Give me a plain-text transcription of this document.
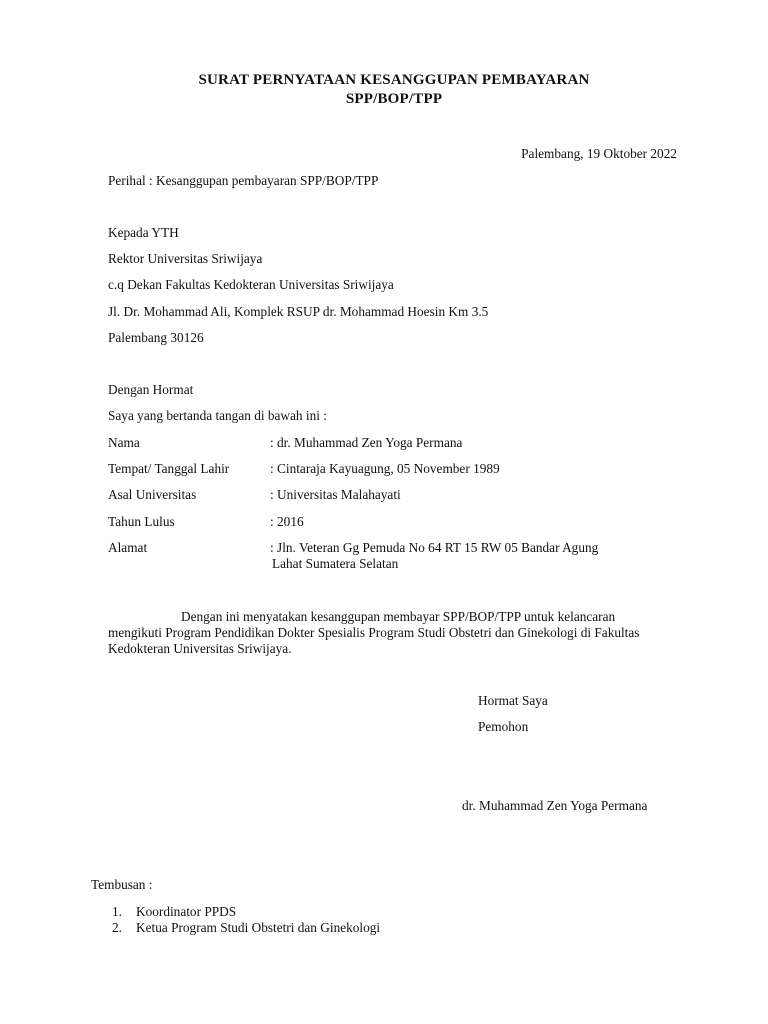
SURAT PERNYATAAN KESANGGUPAN PEMBAYARAN
SPP/BOP/TPP
Palembang, 19 Oktober 2022
Perihal : Kesanggupan pembayaran SPP/BOP/TPP
Kepada YTH
Rektor Universitas Sriwijaya
c.q Dekan Fakultas Kedokteran Universitas Sriwijaya
Jl. Dr. Mohammad Ali, Komplek RSUP dr. Mohammad Hoesin Km 3.5
Palembang 30126
Dengan Hormat
Saya yang bertanda tangan di bawah ini :
Nama	: dr. Muhammad Zen Yoga Permana
Tempat/ Tanggal Lahir	: Cintaraja Kayuagung, 05 November 1989
Asal Universitas	: Universitas Malahayati
Tahun Lulus	: 2016
Alamat	: Jln. Veteran Gg Pemuda No 64 RT 15 RW 05 Bandar Agung
Lahat Sumatera Selatan
Dengan ini menyatakan kesanggupan membayar SPP/BOP/TPP untuk kelancaran mengikuti Program Pendidikan Dokter Spesialis Program Studi Obstetri dan Ginekologi di Fakultas Kedokteran Universitas Sriwijaya.
Hormat Saya
Pemohon
dr. Muhammad Zen Yoga Permana
Tembusan :
1. Koordinator PPDS
2. Ketua Program Studi Obstetri dan Ginekologi
